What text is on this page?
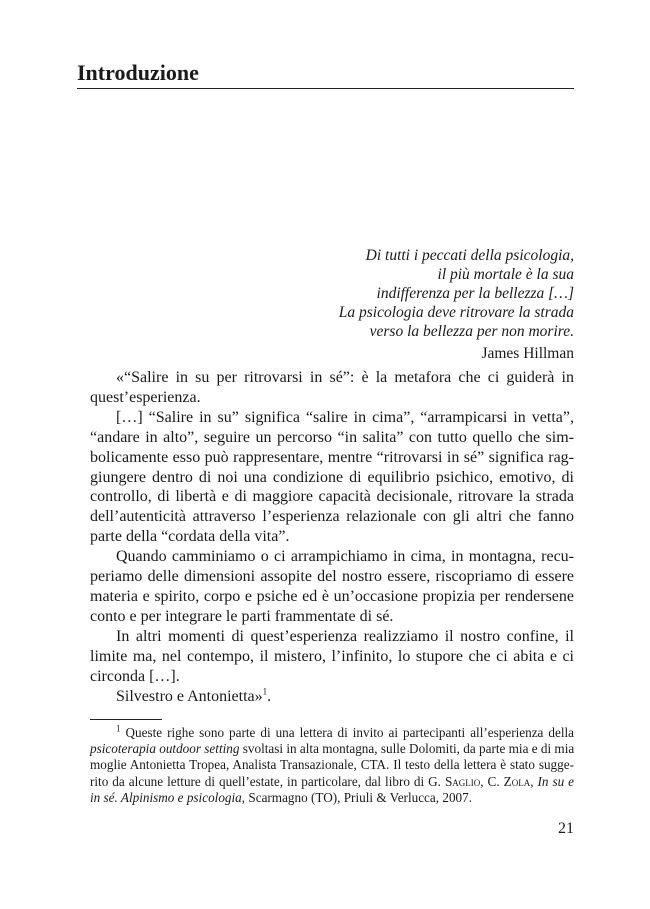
Introduzione
Di tutti i peccati della psicologia,
il più mortale è la sua
indifferenza per la bellezza […]
La psicologia deve ritrovare la strada
verso la bellezza per non morire.
James Hillman
«“Salire in su per ritrovarsi in sé”: è la metafora che ci guiderà in
quest’esperienza.
[…] “Salire in su” significa “salire in cima”, “arrampicarsi in vetta”,
“andare in alto”, seguire un percorso “in salita” con tutto quello che sim-
bolicamente esso può rappresentare, mentre “ritrovarsi in sé” significa rag-
giungere dentro di noi una condizione di equilibrio psichico, emotivo, di
controllo, di libertà e di maggiore capacità decisionale, ritrovare la strada
dell’autenticità attraverso l’esperienza relazionale con gli altri che fanno
parte della “cordata della vita”.
Quando camminiamo o ci arrampichiamo in cima, in montagna, recu-
periamo delle dimensioni assopite del nostro essere, riscopriamo di essere
materia e spirito, corpo e psiche ed è un’occasione propizia per rendersene
conto e per integrare le parti frammentate di sé.
In altri momenti di quest’esperienza realizziamo il nostro confine, il
limite ma, nel contempo, il mistero, l’infinito, lo stupore che ci abita e ci
circonda […].
Silvestro e Antonietta»$^1$.
$^1$ Queste righe sono parte di una lettera di invito ai partecipanti all’esperienza della
psicoterapia outdoor setting svoltasi in alta montagna, sulle Dolomiti, da parte mia e di mia
moglie Antonietta Tropea, Analista Transazionale, CTA. Il testo della lettera è stato sugge-
rito da alcune letture di quell’estate, in particolare, dal libro di G. Saglio, C. Zola, In su e
in sé. Alpinismo e psicologia, Scarmagno (TO), Priuli & Verlucca, 2007.
21
